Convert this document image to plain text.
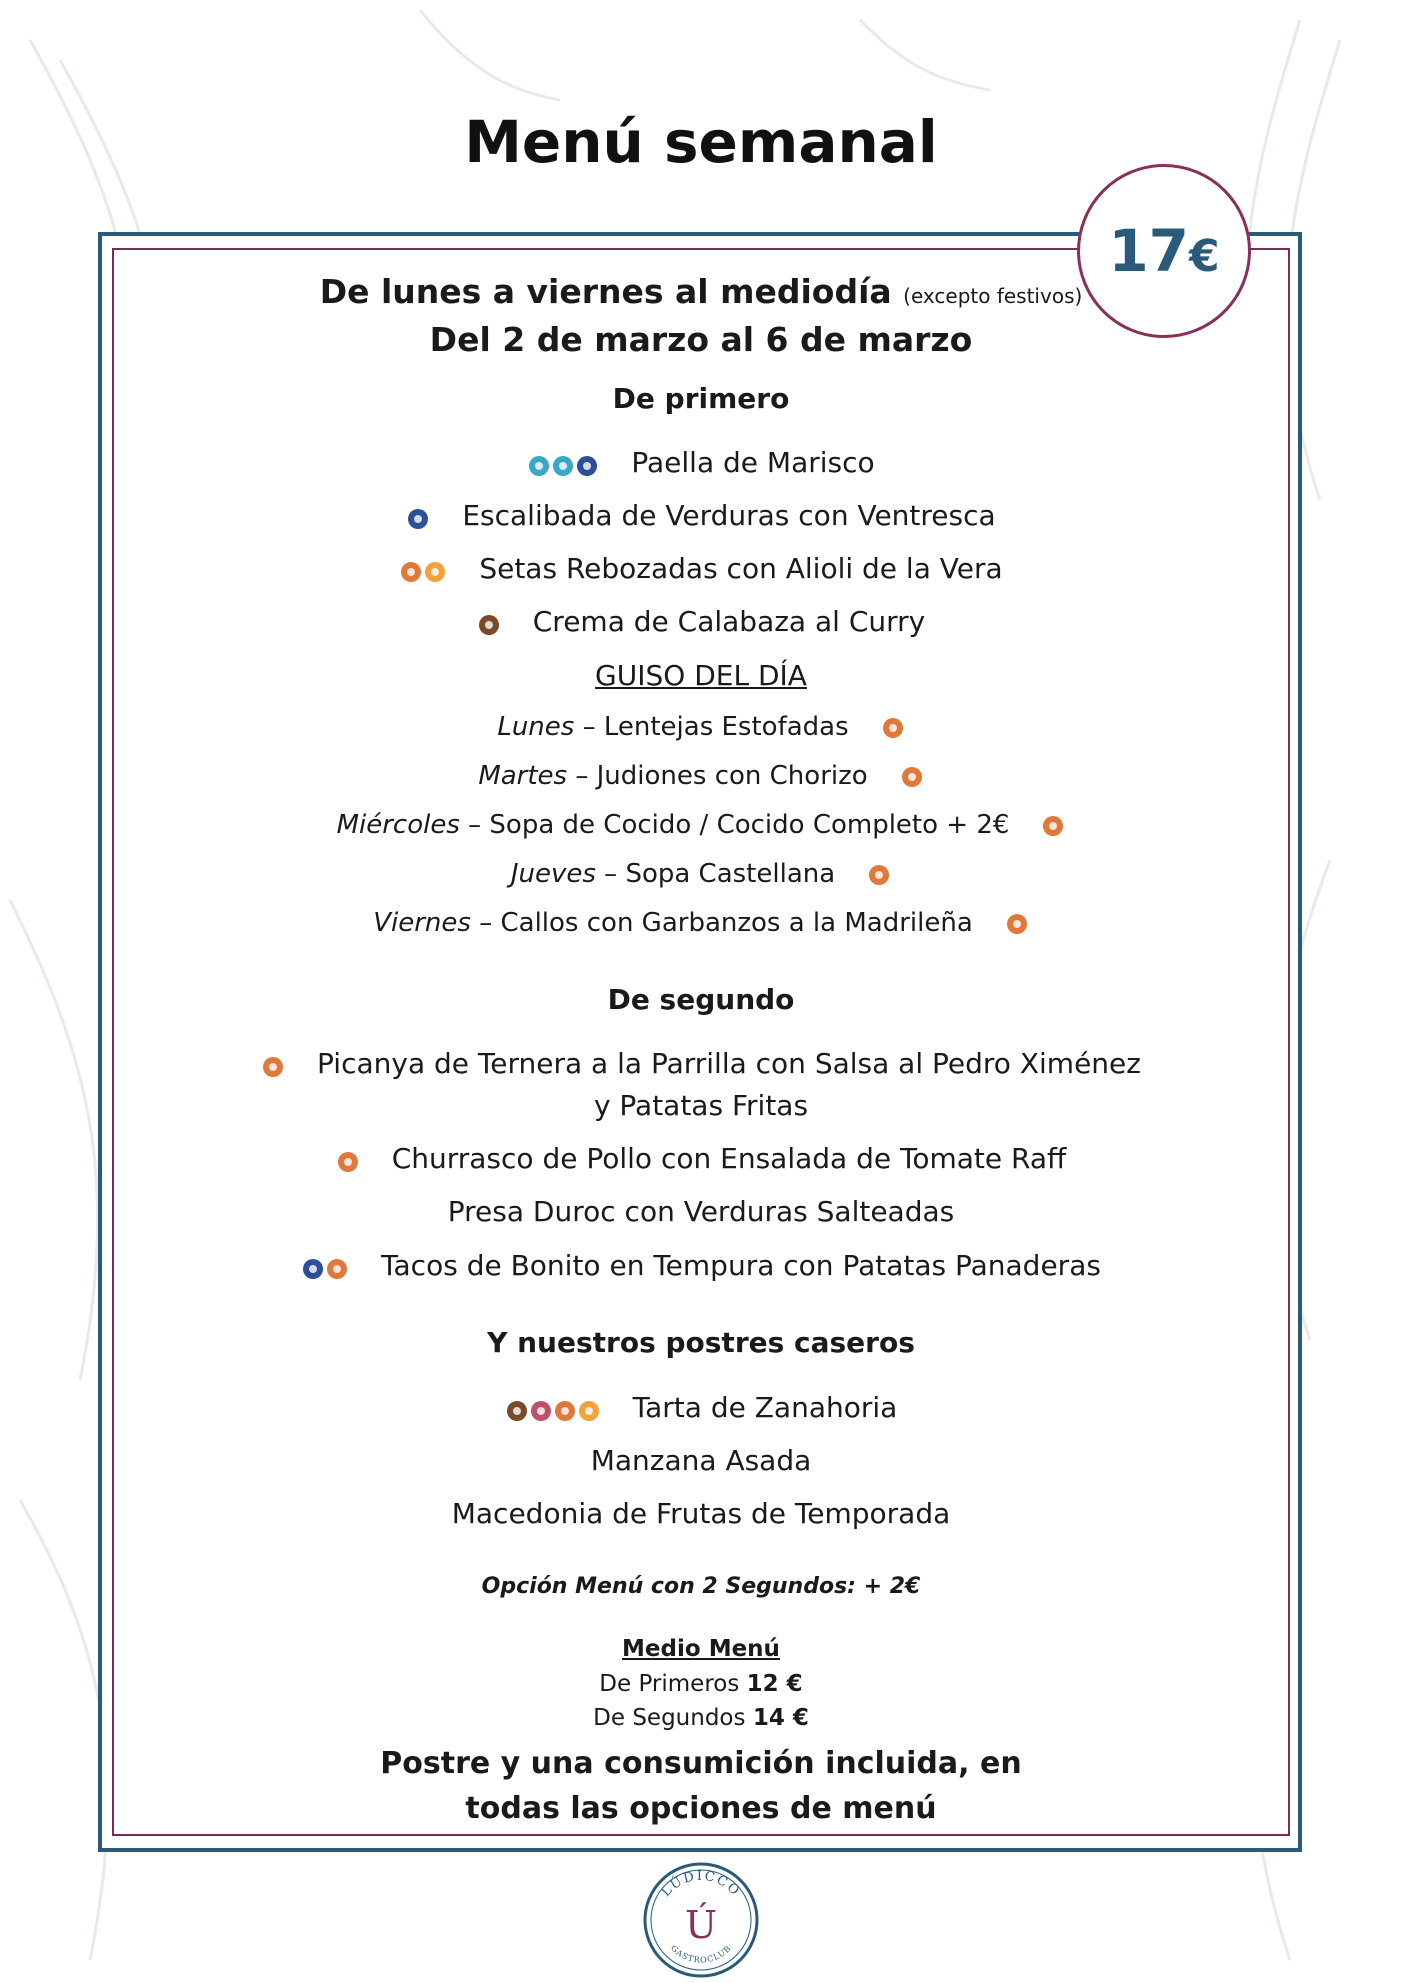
Menú semanal
17€
De lunes a viernes al mediodía (excepto festivos)
Del 2 de marzo al 6 de marzo
De primero
Paella de Marisco
Escalibada de Verduras con Ventresca
Setas Rebozadas con Alioli de la Vera
Crema de Calabaza al Curry
GUISO DEL DÍA
Lunes – Lentejas Estofadas
Martes – Judiones con Chorizo
Miércoles – Sopa de Cocido / Cocido Completo + 2€
Jueves – Sopa Castellana
Viernes – Callos con Garbanzos a la Madrileña
De segundo
Picanya de Ternera a la Parrilla con Salsa al Pedro Ximénez
y Patatas Fritas
Churrasco de Pollo con Ensalada de Tomate Raff
Presa Duroc con Verduras Salteadas
Tacos de Bonito en Tempura con Patatas Panaderas
Y nuestros postres caseros
Tarta de Zanahoria
Manzana Asada
Macedonia de Frutas de Temporada
Opción Menú con 2 Segundos: + 2€
Medio Menú
De Primeros 12 €
De Segundos 14 €
Postre y una consumición incluida, en
todas las opciones de menú
LÚDICCO
Ú
GASTROCLUB
